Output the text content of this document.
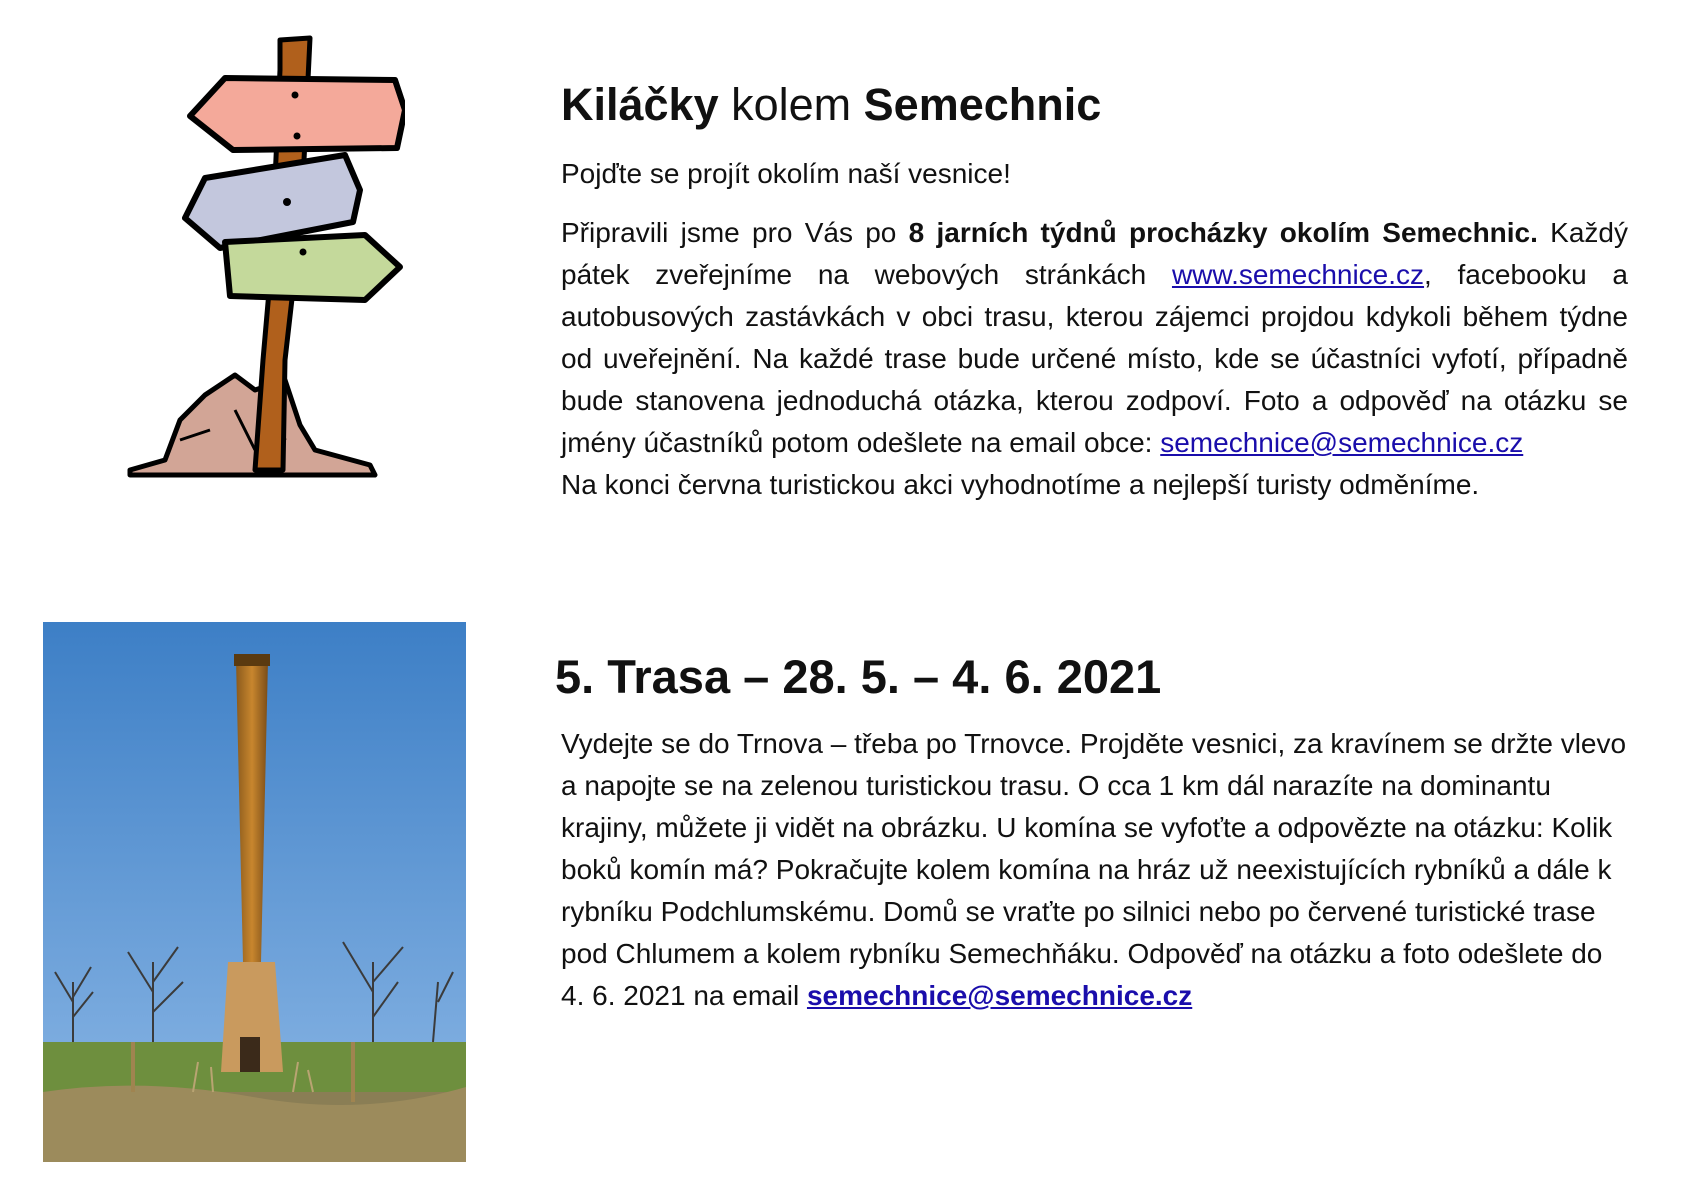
Kiláčky kolem Semechnic

Pojďte se projít okolím naší vesnice!

Připravili jsme pro Vás po 8 jarních týdnů procházky okolím Semechnic. Každý pátek zveřejníme na webových stránkách www.semechnice.cz, facebooku a autobusových zastávkách v obci trasu, kterou zájemci projdou kdykoli během týdne od uveřejnění. Na každé trase bude určené místo, kde se účastníci vyfotí, případně bude stanovena jednoduchá otázka, kterou zodpoví. Foto a odpověď na otázku se jmény účastníků potom odešlete na email obce: semechnice@semechnice.cz

Na konci června turistickou akci vyhodnotíme a nejlepší turisty odměníme.

5. Trasa – 28. 5. – 4. 6. 2021

Vydejte se do Trnova – třeba po Trnovce. Projděte vesnici, za kravínem se držte vlevo a napojte se na zelenou turistickou trasu. O cca 1 km dál narazíte na dominantu krajiny, můžete ji vidět na obrázku. U komína se vyfoťte a odpovězte na otázku: Kolik boků komín má? Pokračujte kolem komína na hráz už neexistujících rybníků a dále k rybníku Podchlumskému. Domů se vraťte po silnici nebo po červené turistické trase pod Chlumem a kolem rybníku Semechňáku. Odpověď na otázku a foto odešlete do 4. 6. 2021 na email semechnice@semechnice.cz
